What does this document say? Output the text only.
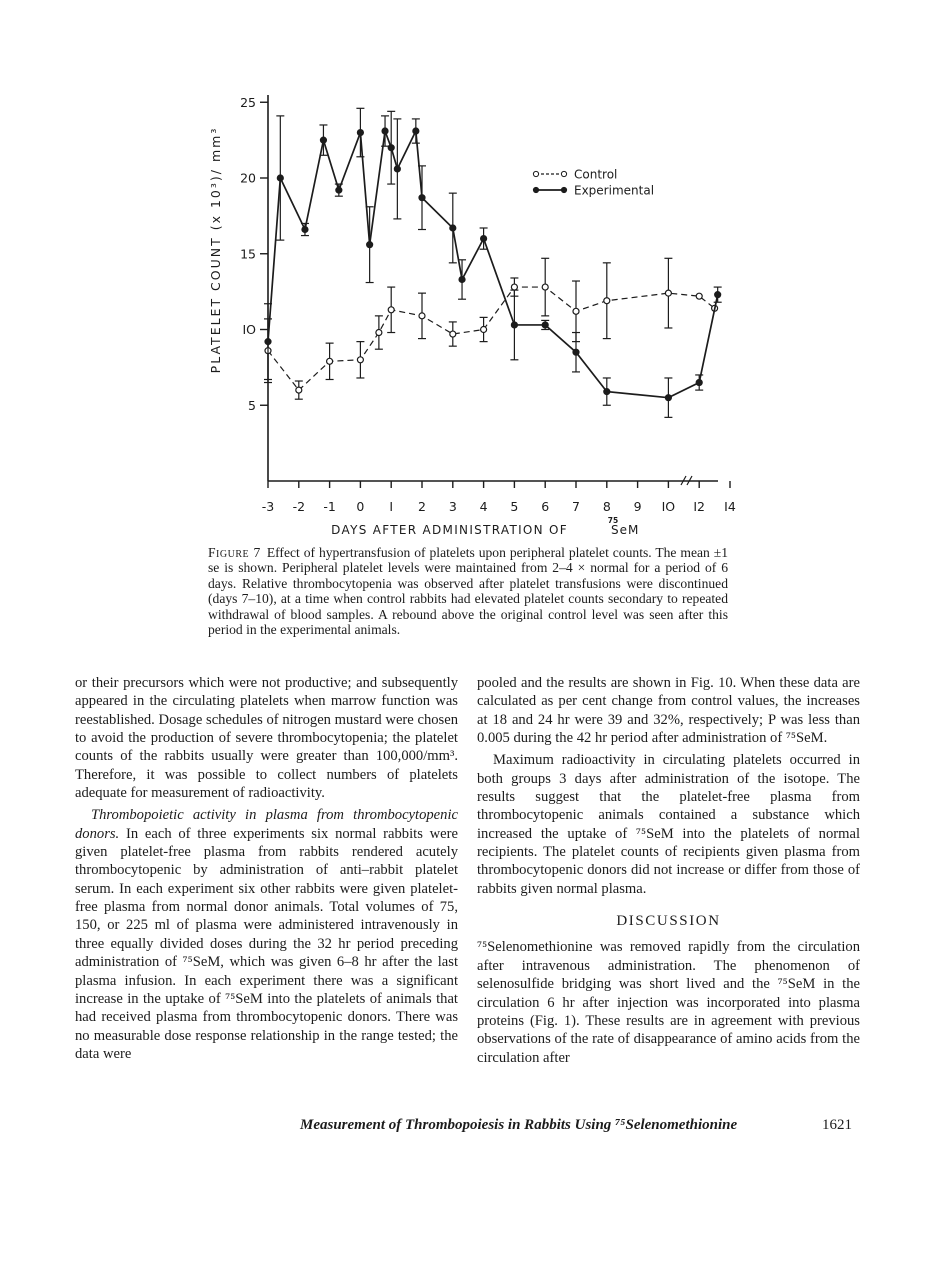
5
IO
15
20
25
-3 -2 -1 0 I 2 3 4 5 6 7 8 9 IO I2 I4
Control
Experimental
PLATELET COUNT (x 10³)/ mm³
DAYS AFTER ADMINISTRATION OF
75
SeM
Figure 7 Effect of hypertransfusion of platelets upon peripheral platelet counts. The mean ±1 se is shown. Peripheral platelet levels were maintained from 2–4 × normal for a period of 6 days. Relative thrombocytopenia was observed after platelet transfusions were discontinued (days 7–10), at a time when control rabbits had elevated platelet counts secondary to repeated withdrawal of blood samples. A rebound above the original control level was seen after this period in the experimental animals.

or their precursors which were not productive; and subsequently appeared in the circulating platelets when marrow function was reestablished. Dosage schedules of nitrogen mustard were chosen to avoid the production of severe thrombocytopenia; the platelet counts of the rabbits usually were greater than 100,000/mm³. Therefore, it was possible to collect numbers of platelets adequate for measurement of radioactivity.

Thrombopoietic activity in plasma from thrombocytopenic donors. In each of three experiments six normal rabbits were given platelet-free plasma from rabbits rendered acutely thrombocytopenic by administration of anti–rabbit platelet serum. In each experiment six other rabbits were given platelet-free plasma from normal donor animals. Total volumes of 75, 150, or 225 ml of plasma were administered intravenously in three equally divided doses during the 32 hr period preceding administration of ⁷⁵SeM, which was given 6–8 hr after the last plasma infusion. In each experiment there was a significant increase in the uptake of ⁷⁵SeM into the platelets of animals that had received plasma from thrombocytopenic donors. There was no measurable dose response relationship in the range tested; the data were

pooled and the results are shown in Fig. 10. When these data are calculated as per cent change from control values, the increases at 18 and 24 hr were 39 and 32%, respectively; P was less than 0.005 during the 42 hr period after administration of ⁷⁵SeM.

Maximum radioactivity in circulating platelets occurred in both groups 3 days after administration of the isotope. The results suggest that the platelet-free plasma from thrombocytopenic animals contained a substance which increased the uptake of ⁷⁵SeM into the platelets of normal recipients. The platelet counts of recipients given plasma from thrombocytopenic donors did not increase or differ from those of rabbits given normal plasma.

DISCUSSION

⁷⁵Selenomethionine was removed rapidly from the circulation after intravenous administration. The phenomenon of selenosulfide bridging was short lived and the ⁷⁵SeM in the circulation 6 hr after injection was incorporated into plasma proteins (Fig. 1). These results are in agreement with previous observations of the rate of disappearance of amino acids from the circulation after

Measurement of Thrombopoiesis in Rabbits Using ⁷⁵Selenomethionine	1621
